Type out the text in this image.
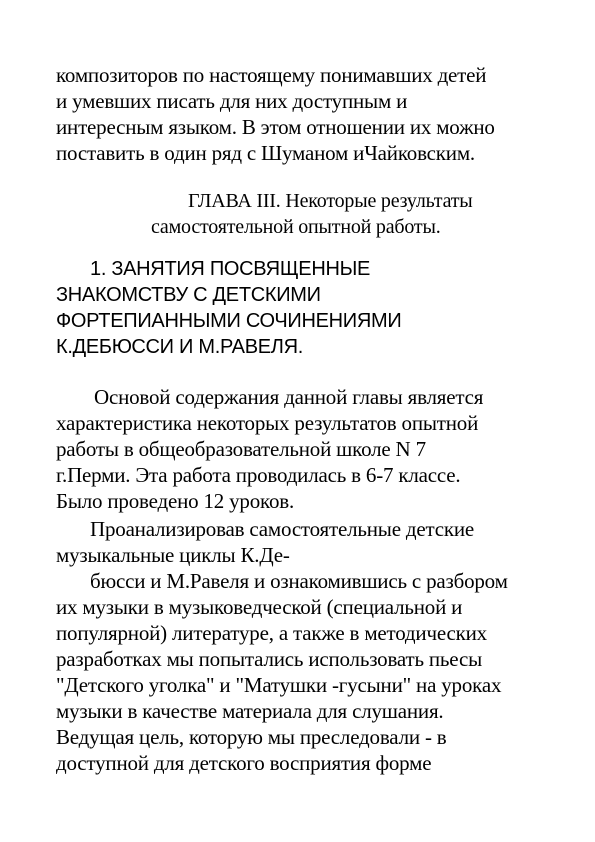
композиторов по настоящему понимавших детей
и умевших писать для них доступным и
интересным языком. В этом отношении их можно
поставить в один ряд с Шуманом иЧайковским.
ГЛАВА III. Некоторые результаты
самостоятельной опытной работы.
1. ЗАНЯТИЯ ПОСВЯЩЕННЫЕ
ЗНАКОМСТВУ С ДЕТСКИМИ
ФОРТЕПИАННЫМИ СОЧИНЕНИЯМИ
К.ДЕБЮССИ И М.РАВЕЛЯ.
Основой содержания данной главы является
характеристика некоторых результатов опытной
работы в общеобразовательной школе N 7
г.Перми. Эта работа проводилась в 6-7 классе.
Было проведено 12 уроков.
Проанализировав самостоятельные детские
музыкальные циклы К.Де-
бюсси и М.Равеля и ознакомившись с разбором
их музыки в музыковедческой (специальной и
популярной) литературе, а также в методических
разработках мы попытались использовать пьесы
"Детского уголка" и "Матушки -гусыни" на уроках
музыки в качестве материала для слушания.
Ведущая цель, которую мы преследовали - в
доступной для детского восприятия форме
